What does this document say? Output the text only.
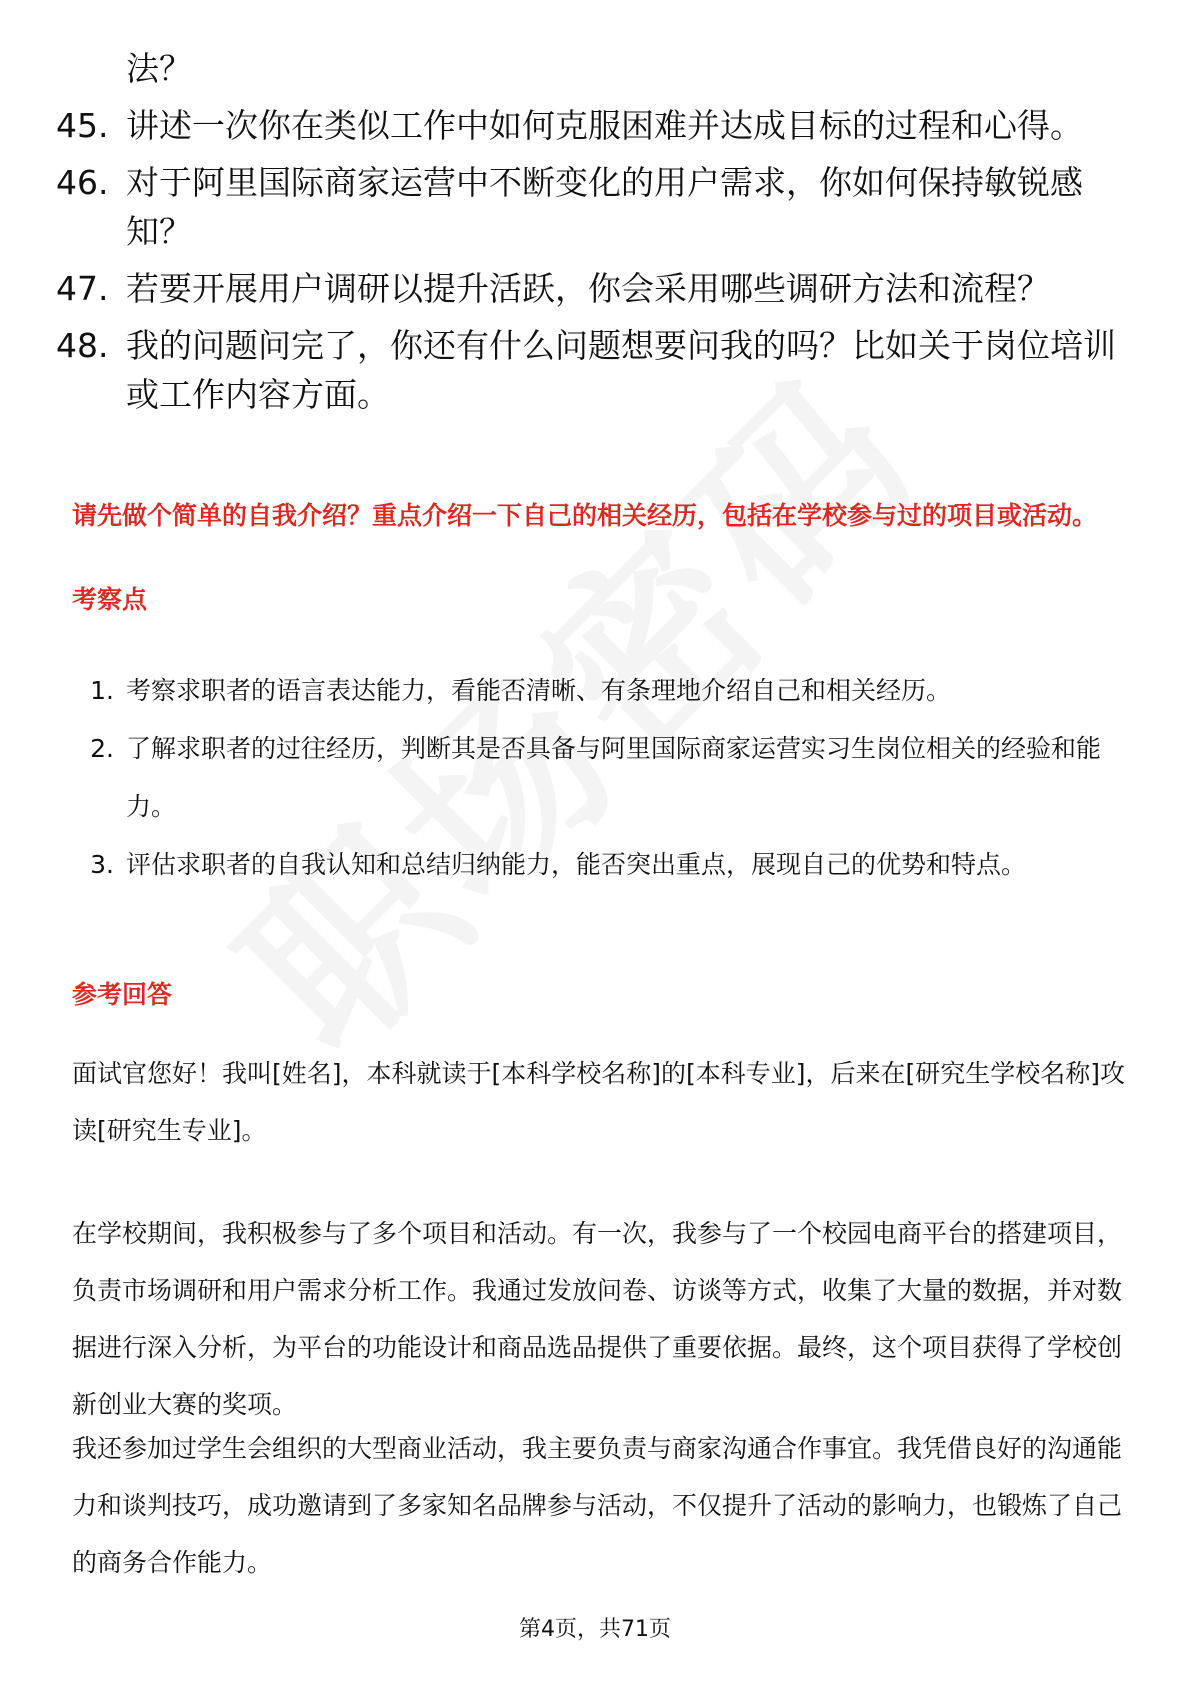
法？
45. 讲述一次你在类似工作中如何克服困难并达成目标的过程和心得。
46. 对于阿里国际商家运营中不断变化的用户需求，你如何保持敏锐感知？
47. 若要开展用户调研以提升活跃，你会采用哪些调研方法和流程？
48. 我的问题问完了，你还有什么问题想要问我的吗？比如关于岗位培训或工作内容方面。
请先做个简单的自我介绍？重点介绍一下自己的相关经历，包括在学校参与过的项目或活动。
考察点
1. 考察求职者的语言表达能力，看能否清晰、有条理地介绍自己和相关经历。
2. 了解求职者的过往经历，判断其是否具备与阿里国际商家运营实习生岗位相关的经验和能力。
3. 评估求职者的自我认知和总结归纳能力，能否突出重点，展现自己的优势和特点。
参考回答
面试官您好！我叫[姓名]，本科就读于[本科学校名称]的[本科专业]，后来在[研究生学校名称]攻读[研究生专业]。
在学校期间，我积极参与了多个项目和活动。有一次，我参与了一个校园电商平台的搭建项目，负责市场调研和用户需求分析工作。我通过发放问卷、访谈等方式，收集了大量的数据，并对数据进行深入分析，为平台的功能设计和商品选品提供了重要依据。最终，这个项目获得了学校创新创业大赛的奖项。
我还参加过学生会组织的大型商业活动，我主要负责与商家沟通合作事宜。我凭借良好的沟通能力和谈判技巧，成功邀请到了多家知名品牌参与活动，不仅提升了活动的影响力，也锻炼了自己的商务合作能力。
第4页，共71页
